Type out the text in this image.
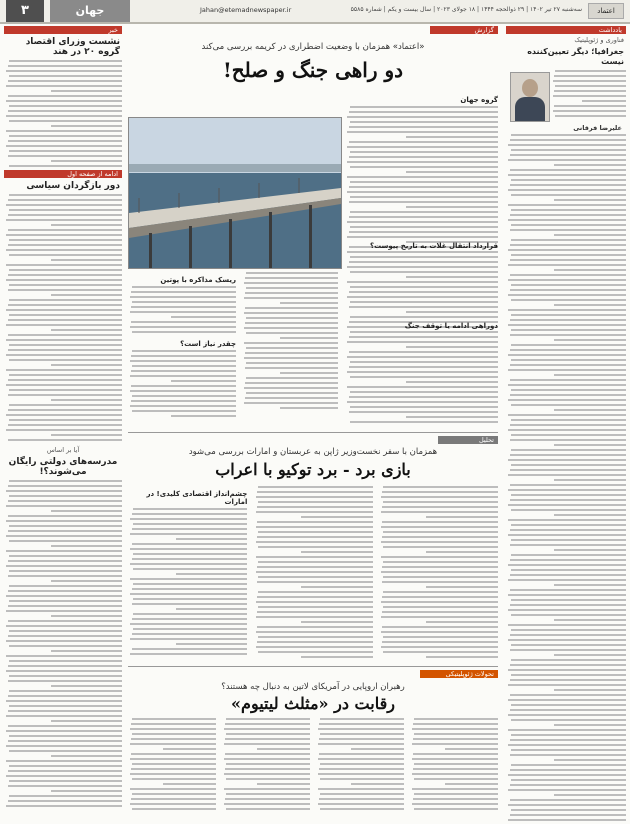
اعتماد
سه‌شنبه ۲۷ تیر ۱۴۰۲ | ۲۹ ذوالحجه ۱۴۴۴ | ۱۸ جولای ۲۰۲۳ | سال بیست و یکم | شماره ۵۵۸۵
Jahan@etemadnewspaper.ir
جهان
۳
یادداشت
فناوری و ژئوپلیتیک
جغرافیا؛ دیگر تعیین‌کننده نیست
علیرضا فرقانی
گزارش
«اعتماد» همزمان با وضعیت اضطراری در کریمه بررسی می‌کند
دو راهی جنگ و صلح!
گروه جهان
ریسک مذاکره با پوتین
چقدر نیاز است؟
قرارداد انتقال غلات به تاریخ پیوست؟
دوراهی ادامه یا توقف جنگ
تحلیل
همزمان با سفر نخست‌وزیر ژاپن به عربستان و امارات بررسی می‌شود
بازی برد - برد توکیو با اعراب
چشم‌انداز اقتصادی کلیدی! در امارات
تحولات ژئوپلیتیکی
رهبران اروپایی در آمریکای لاتین به دنبال چه هستند؟
رقابت در «مثلث لیتیوم»
خبر
نشست وزرای اقتصاد گروه ۲۰ در هند
ادامه از صفحه اول
دور بازگردان سیاسی
آیا بر اساس
مدرسه‌های دولتی رایگان می‌شوند؟!
